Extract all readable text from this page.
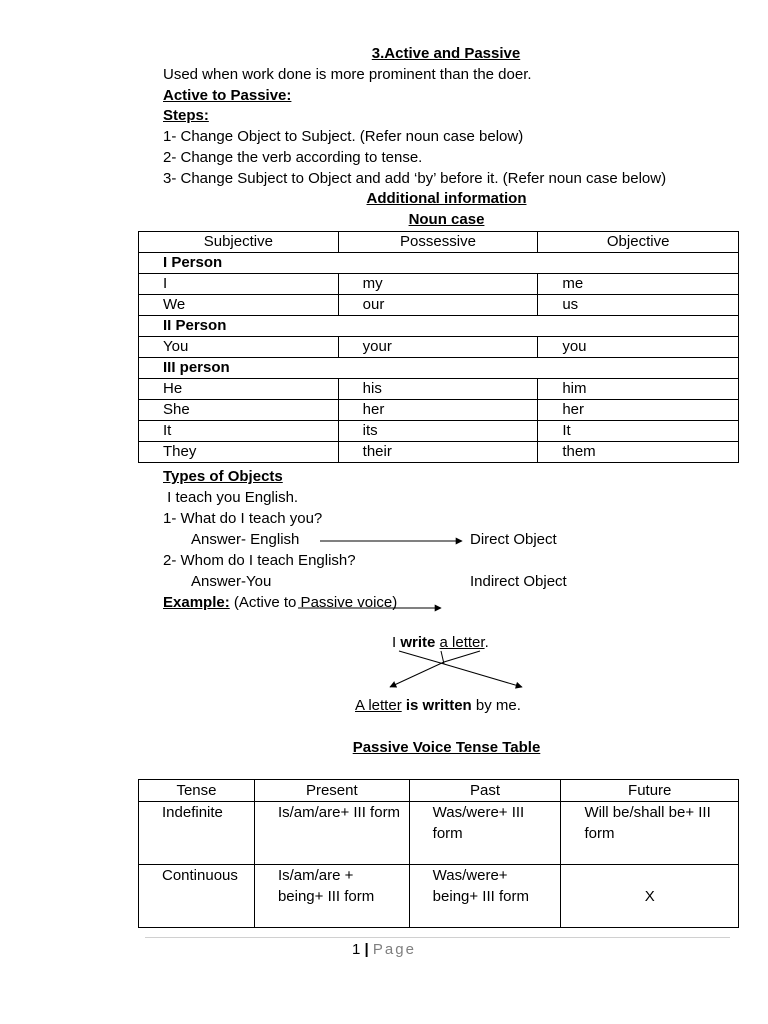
3.Active and Passive
Used when work done is more prominent than the doer.
Active to Passive:
Steps:
1- Change Object to Subject. (Refer noun case below)
2- Change the verb according to tense.
3- Change Subject to Object and add ‘by’ before it. (Refer noun case below)
Additional information
Noun case
Subjective	Possessive	Objective
I Person		
I	my	me
We	our	us
II Person		
You	your	you
III person		
He	his	him
She	her	her
It	its	It
They	their	them
Types of Objects
I teach you English.
1- What do I teach you?
Answer- English	Direct Object
2- Whom do I teach English?
Answer-You	Indirect Object
Example: (Active to Passive voice)
I write a letter.
A letter is written by me.
Passive Voice Tense Table
Tense	Present	Past	Future
Indefinite	Is/am/are+ III form	Was/were+ III form	Will be/shall be+ III form
Continuous	Is/am/are + being+ III form	Was/were+ being+ III form	X
1 | Page
